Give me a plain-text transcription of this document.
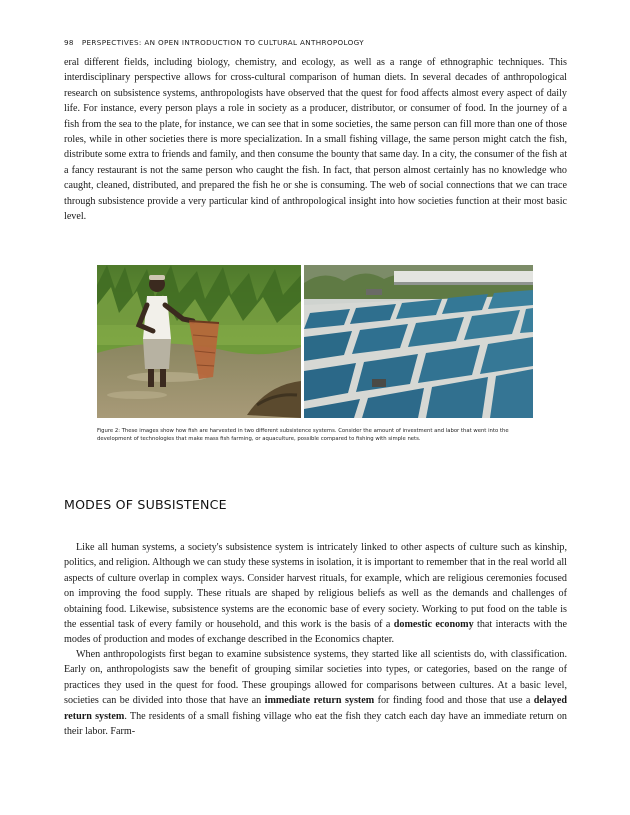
98 PERSPECTIVES: AN OPEN INTRODUCTION TO CULTURAL ANTHROPOLOGY

eral different fields, including biology, chemistry, and ecology, as well as a range of ethnographic techniques. This interdisciplinary perspective allows for cross-cultural comparison of human diets. In several decades of anthropological research on subsistence systems, anthropologists have observed that the quest for food affects almost every aspect of daily life. For instance, every person plays a role in society as a producer, distributor, or consumer of food. In the journey of a fish from the sea to the plate, for instance, we can see that in some societies, the same person can fill more than one of those roles, while in other societies there is more specialization. In a small fishing village, the same person might catch the fish, distribute some extra to friends and family, and then consume the bounty that same day. In a city, the consumer of the fish at a fancy restaurant is not the same person who caught the fish. In fact, that person almost certainly has no knowledge who caught, cleaned, distributed, and prepared the fish he or she is consuming. The web of social connections that we can trace through subsistence provide a very particular kind of anthropological insight into how societies function at their most basic level.

Figure 2: These images show how fish are harvested in two different subsistence systems. Consider the amount of investment and labor that went into the development of technologies that make mass fish farming, or aquaculture, possible compared to fishing with simple nets.

MODES OF SUBSISTENCE

Like all human systems, a society's subsistence system is intricately linked to other aspects of culture such as kinship, politics, and religion. Although we can study these systems in isolation, it is important to remember that in the real world all aspects of culture overlap in complex ways. Consider harvest rituals, for example, which are religious ceremonies focused on improving the food supply. These rituals are shaped by religious beliefs as well as the demands and challenges of obtaining food. Likewise, subsistence systems are the economic base of every society. Working to put food on the table is the essential task of every family or household, and this work is the basis of a domestic economy that interacts with the modes of production and modes of exchange described in the Economics chapter.

When anthropologists first began to examine subsistence systems, they started like all scientists do, with classification. Early on, anthropologists saw the benefit of grouping similar societies into types, or categories, based on the range of practices they used in the quest for food. These groupings allowed for comparisons between cultures. At a basic level, societies can be divided into those that have an immediate return system for finding food and those that use a delayed return system. The residents of a small fishing village who eat the fish they catch each day have an immediate return on their labor. Farm-
